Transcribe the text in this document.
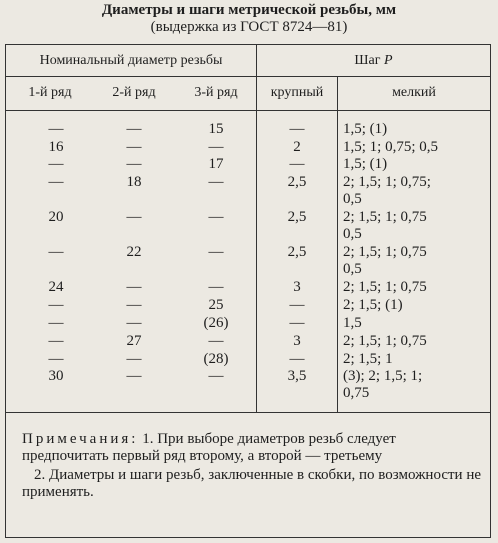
Диаметры и шаги метрической резьбы, мм
(выдержка из ГОСТ 8724—81)
Номинальный диаметр резьбы	Шаг P
1-й ряд	2-й ряд	3-й ряд	крупный	мелкий
—	—	15	—	1,5; (1)
16	—	—	2	1,5; 1; 0,75; 0,5
—	—	17	—	1,5; (1)
—	18	—	2,5	2; 1,5; 1; 0,75;
0,5
20	—	—	2,5	2; 1,5; 1; 0,75
0,5
—	22	—	2,5	2; 1,5; 1; 0,75
0,5
24	—	—	3	2; 1,5; 1; 0,75
—	—	25	—	2; 1,5; (1)
—	—	(26)	—	1,5
—	27	—	3	2; 1,5; 1; 0,75
—	—	(28)	—	2; 1,5; 1
30	—	—	3,5	(3); 2; 1,5; 1;
0,75

Примечания: 1. При выборе диаметров резьб следует предпочитать первый ряд второму, а второй — третьему

2. Диаметры и шаги резьб, заключенные в скобки, по возможности не применять.
